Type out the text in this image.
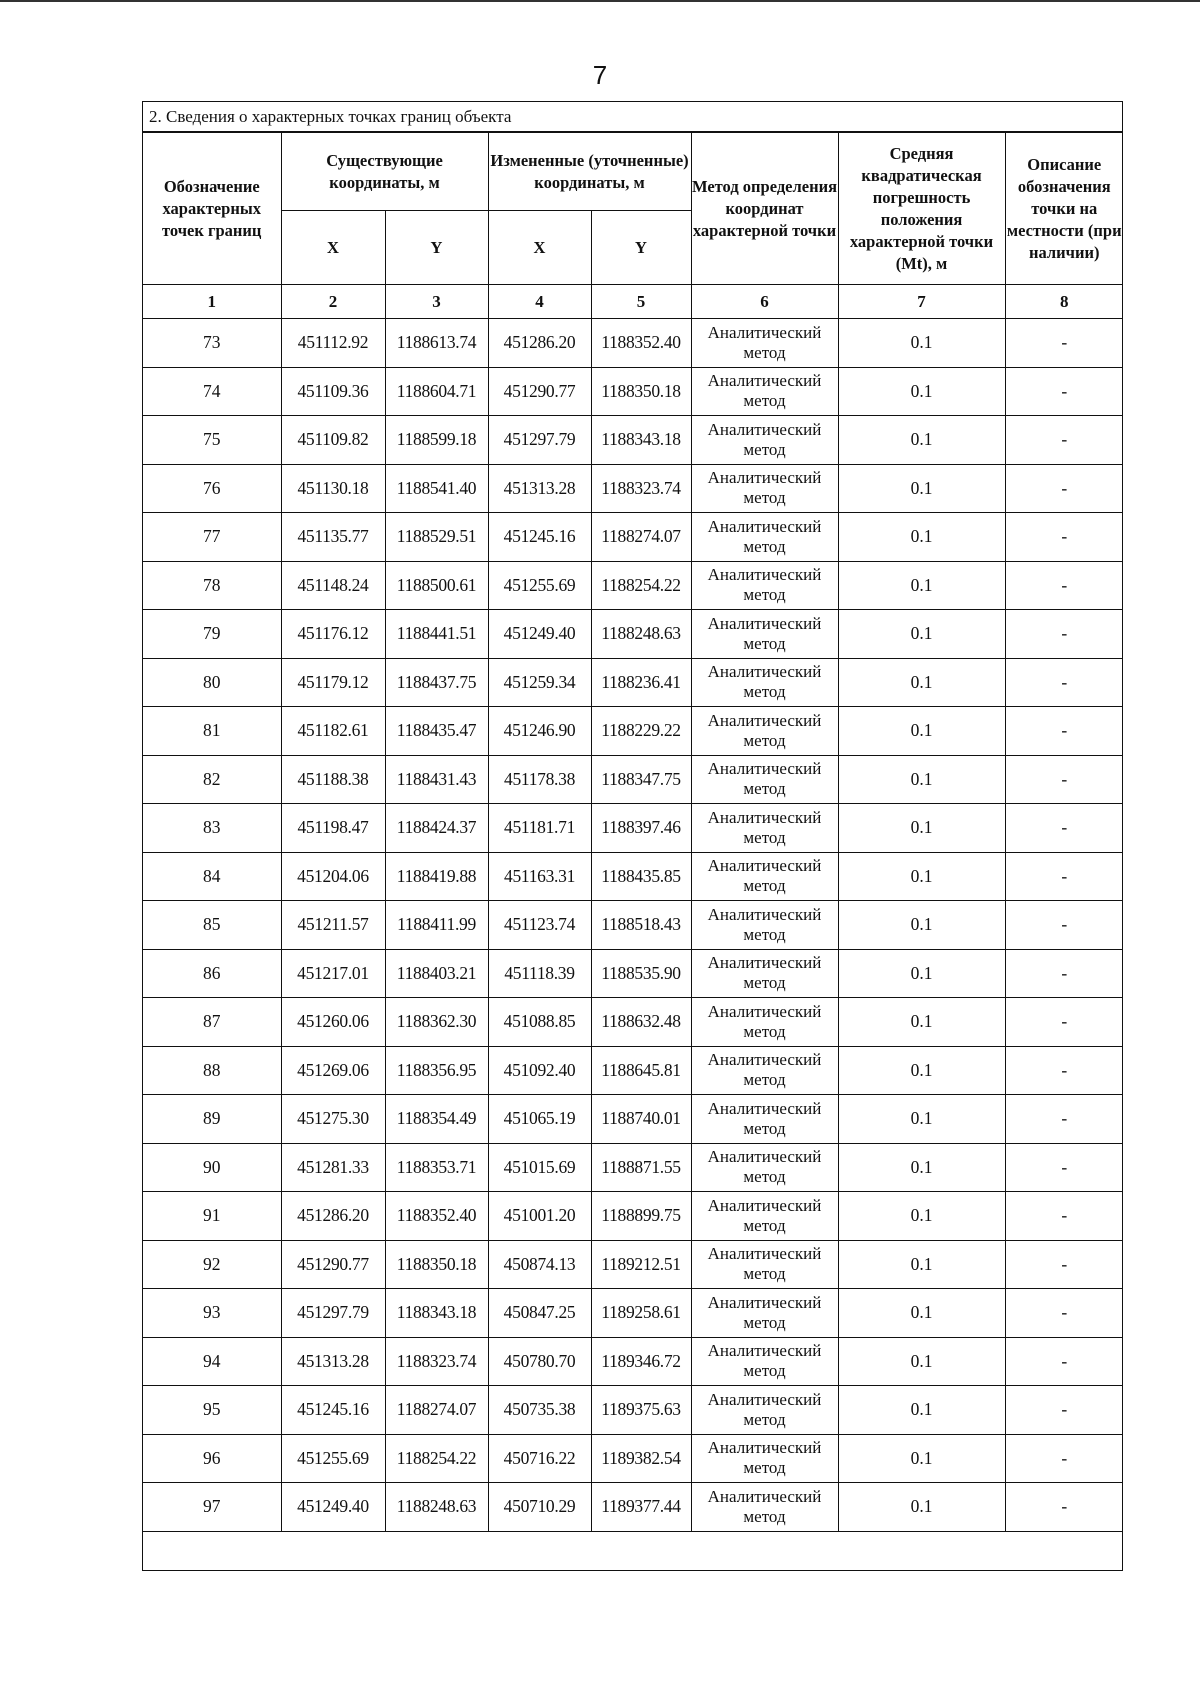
7
2. Сведения о характерных точках границ объекта
Обозначение характерных точек границ	Существующие координаты, м		Измененные (уточненные) координаты, м		Метод определения координат характерной точки	Средняя квадратическая погрешность положения характерной точки (Mt), м	Описание обозначения точки на местности (при наличии)
	X	Y	X	Y			
1	2	3	4	5	6	7	8
73	451112.92	1188613.74	451286.20	1188352.40	Аналитический метод	0.1	-
74	451109.36	1188604.71	451290.77	1188350.18	Аналитический метод	0.1	-
75	451109.82	1188599.18	451297.79	1188343.18	Аналитический метод	0.1	-
76	451130.18	1188541.40	451313.28	1188323.74	Аналитический метод	0.1	-
77	451135.77	1188529.51	451245.16	1188274.07	Аналитический метод	0.1	-
78	451148.24	1188500.61	451255.69	1188254.22	Аналитический метод	0.1	-
79	451176.12	1188441.51	451249.40	1188248.63	Аналитический метод	0.1	-
80	451179.12	1188437.75	451259.34	1188236.41	Аналитический метод	0.1	-
81	451182.61	1188435.47	451246.90	1188229.22	Аналитический метод	0.1	-
82	451188.38	1188431.43	451178.38	1188347.75	Аналитический метод	0.1	-
83	451198.47	1188424.37	451181.71	1188397.46	Аналитический метод	0.1	-
84	451204.06	1188419.88	451163.31	1188435.85	Аналитический метод	0.1	-
85	451211.57	1188411.99	451123.74	1188518.43	Аналитический метод	0.1	-
86	451217.01	1188403.21	451118.39	1188535.90	Аналитический метод	0.1	-
87	451260.06	1188362.30	451088.85	1188632.48	Аналитический метод	0.1	-
88	451269.06	1188356.95	451092.40	1188645.81	Аналитический метод	0.1	-
89	451275.30	1188354.49	451065.19	1188740.01	Аналитический метод	0.1	-
90	451281.33	1188353.71	451015.69	1188871.55	Аналитический метод	0.1	-
91	451286.20	1188352.40	451001.20	1188899.75	Аналитический метод	0.1	-
92	451290.77	1188350.18	450874.13	1189212.51	Аналитический метод	0.1	-
93	451297.79	1188343.18	450847.25	1189258.61	Аналитический метод	0.1	-
94	451313.28	1188323.74	450780.70	1189346.72	Аналитический метод	0.1	-
95	451245.16	1188274.07	450735.38	1189375.63	Аналитический метод	0.1	-
96	451255.69	1188254.22	450716.22	1189382.54	Аналитический метод	0.1	-
97	451249.40	1188248.63	450710.29	1189377.44	Аналитический метод	0.1	-
